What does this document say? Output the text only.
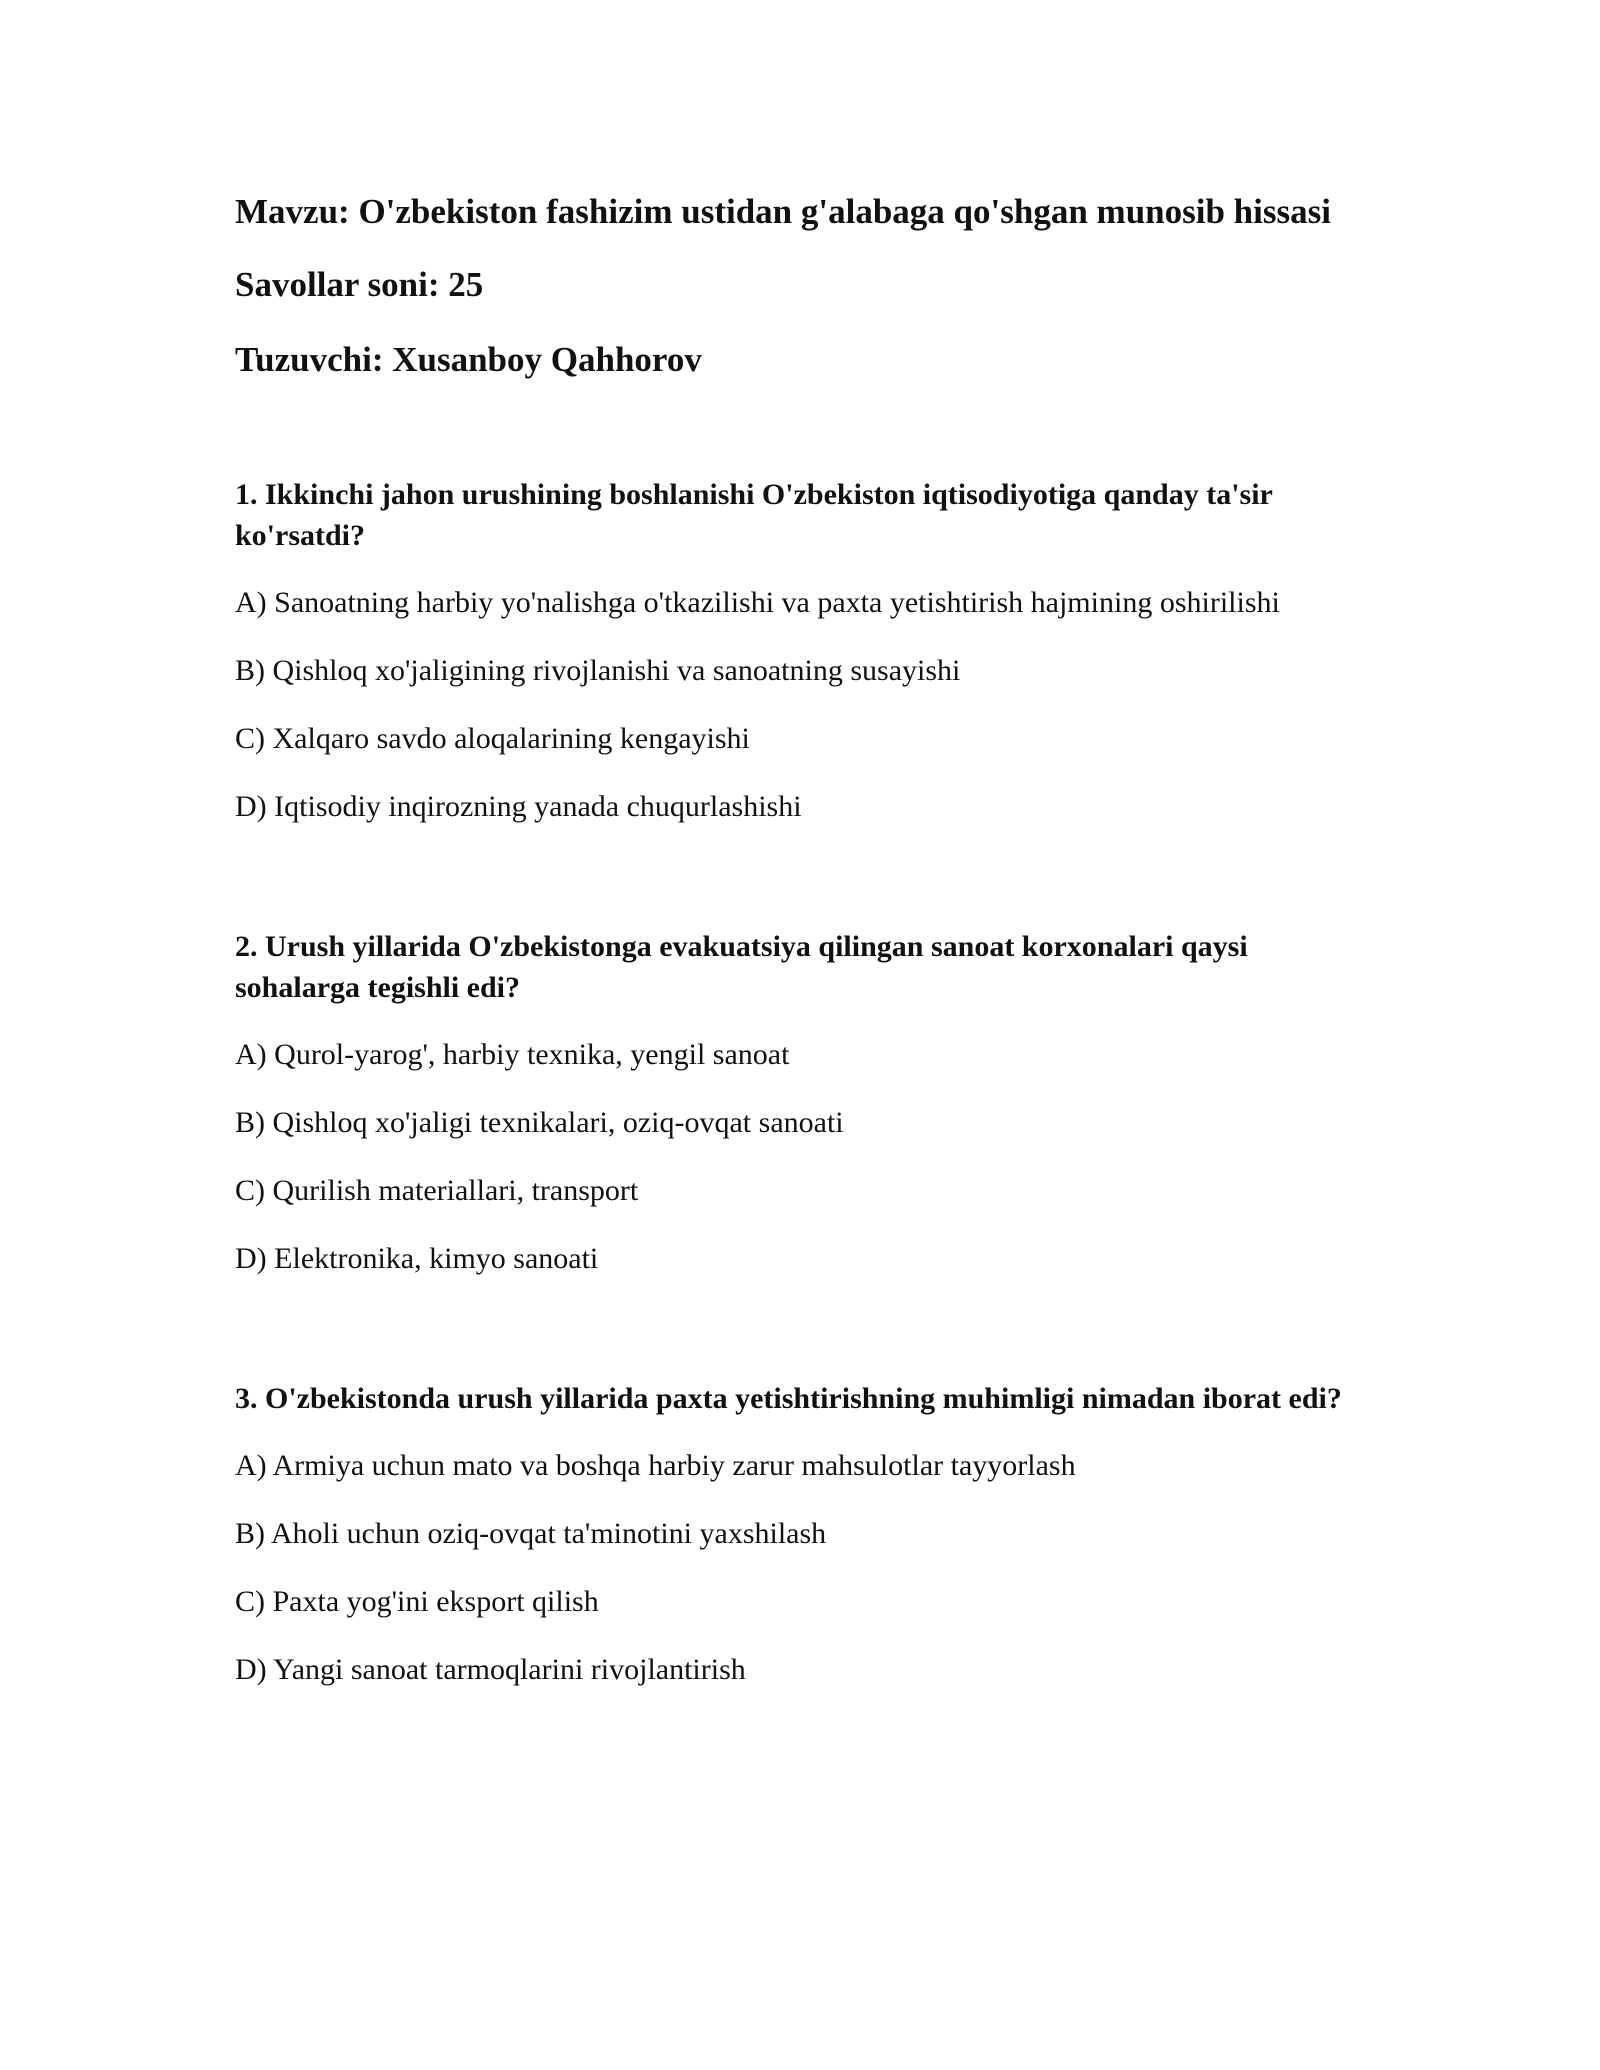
Mavzu: O'zbekiston fashizim ustidan g'alabaga qo'shgan munosib hissasi

Savollar soni: 25

Tuzuvchi: Xusanboy Qahhorov

1. Ikkinchi jahon urushining boshlanishi O'zbekiston iqtisodiyotiga qanday ta'sir ko'rsatdi?

A) Sanoatning harbiy yo'nalishga o'tkazilishi va paxta yetishtirish hajmining oshirilishi

B) Qishloq xo'jaligining rivojlanishi va sanoatning susayishi

C) Xalqaro savdo aloqalarining kengayishi

D) Iqtisodiy inqirozning yanada chuqurlashishi

2. Urush yillarida O'zbekistonga evakuatsiya qilingan sanoat korxonalari qaysi sohalarga tegishli edi?

A) Qurol-yarog', harbiy texnika, yengil sanoat

B) Qishloq xo'jaligi texnikalari, oziq-ovqat sanoati

C) Qurilish materiallari, transport

D) Elektronika, kimyo sanoati

3. O'zbekistonda urush yillarida paxta yetishtirishning muhimligi nimadan iborat edi?

A) Armiya uchun mato va boshqa harbiy zarur mahsulotlar tayyorlash

B) Aholi uchun oziq-ovqat ta'minotini yaxshilash

C) Paxta yog'ini eksport qilish

D) Yangi sanoat tarmoqlarini rivojlantirish
